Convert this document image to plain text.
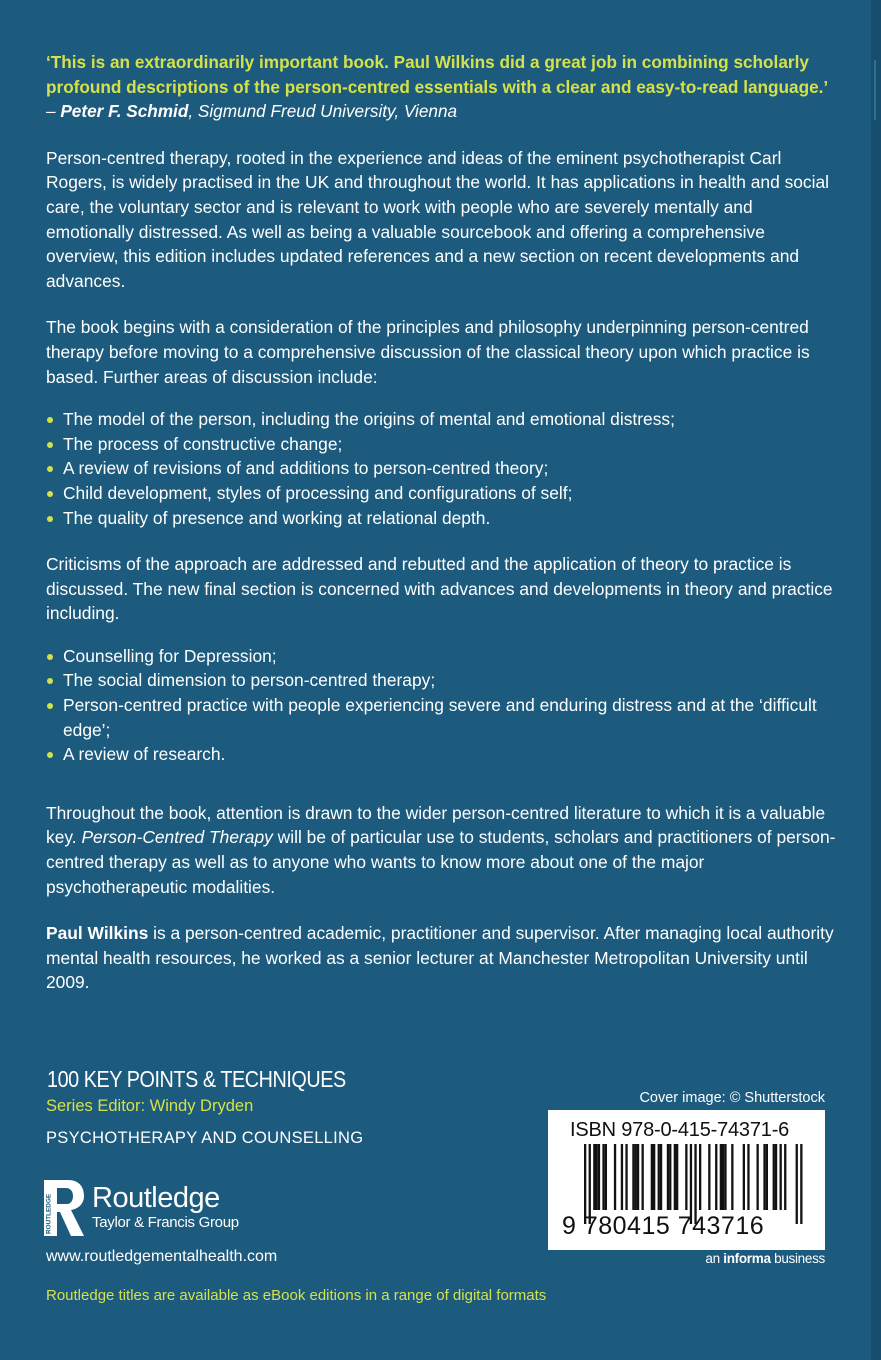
‘This is an extraordinarily important book. Paul Wilkins did a great job in combining scholarly profound descriptions of the person-centred essentials with a clear and easy-to-read language.’ – Peter F. Schmid, Sigmund Freud University, Vienna

Person-centred therapy, rooted in the experience and ideas of the eminent psychotherapist Carl Rogers, is widely practised in the UK and throughout the world. It has applications in health and social care, the voluntary sector and is relevant to work with people who are severely mentally and emotionally distressed. As well as being a valuable sourcebook and offering a comprehensive overview, this edition includes updated references and a new section on recent developments and advances.

The book begins with a consideration of the principles and philosophy underpinning person-centred therapy before moving to a comprehensive discussion of the classical theory upon which practice is based. Further areas of discussion include:

The model of the person, including the origins of mental and emotional distress;
The process of constructive change;
A review of revisions of and additions to person-centred theory;
Child development, styles of processing and configurations of self;
The quality of presence and working at relational depth.

Criticisms of the approach are addressed and rebutted and the application of theory to practice is discussed. The new final section is concerned with advances and developments in theory and practice including.

Counselling for Depression;
The social dimension to person-centred therapy;
Person-centred practice with people experiencing severe and enduring distress and at the ‘difficult edge’;
A review of research.

Throughout the book, attention is drawn to the wider person-centred literature to which it is a valuable key. Person-Centred Therapy will be of particular use to students, scholars and practitioners of person-centred therapy as well as to anyone who wants to know more about one of the major psychotherapeutic modalities.

Paul Wilkins is a person-centred academic, practitioner and supervisor. After managing local authority mental health resources, he worked as a senior lecturer at Manchester Metropolitan University until 2009.

100 KEY POINTS & TECHNIQUES
Series Editor: Windy Dryden
PSYCHOTHERAPY AND COUNSELLING
ROUTLEDGE Routledge
Taylor & Francis Group
www.routledgementalhealth.com
Routledge titles are available as eBook editions in a range of digital formats
Cover image: © Shutterstock
ISBN 978-0-415-74371-6
9 780415 743716
an informa business
